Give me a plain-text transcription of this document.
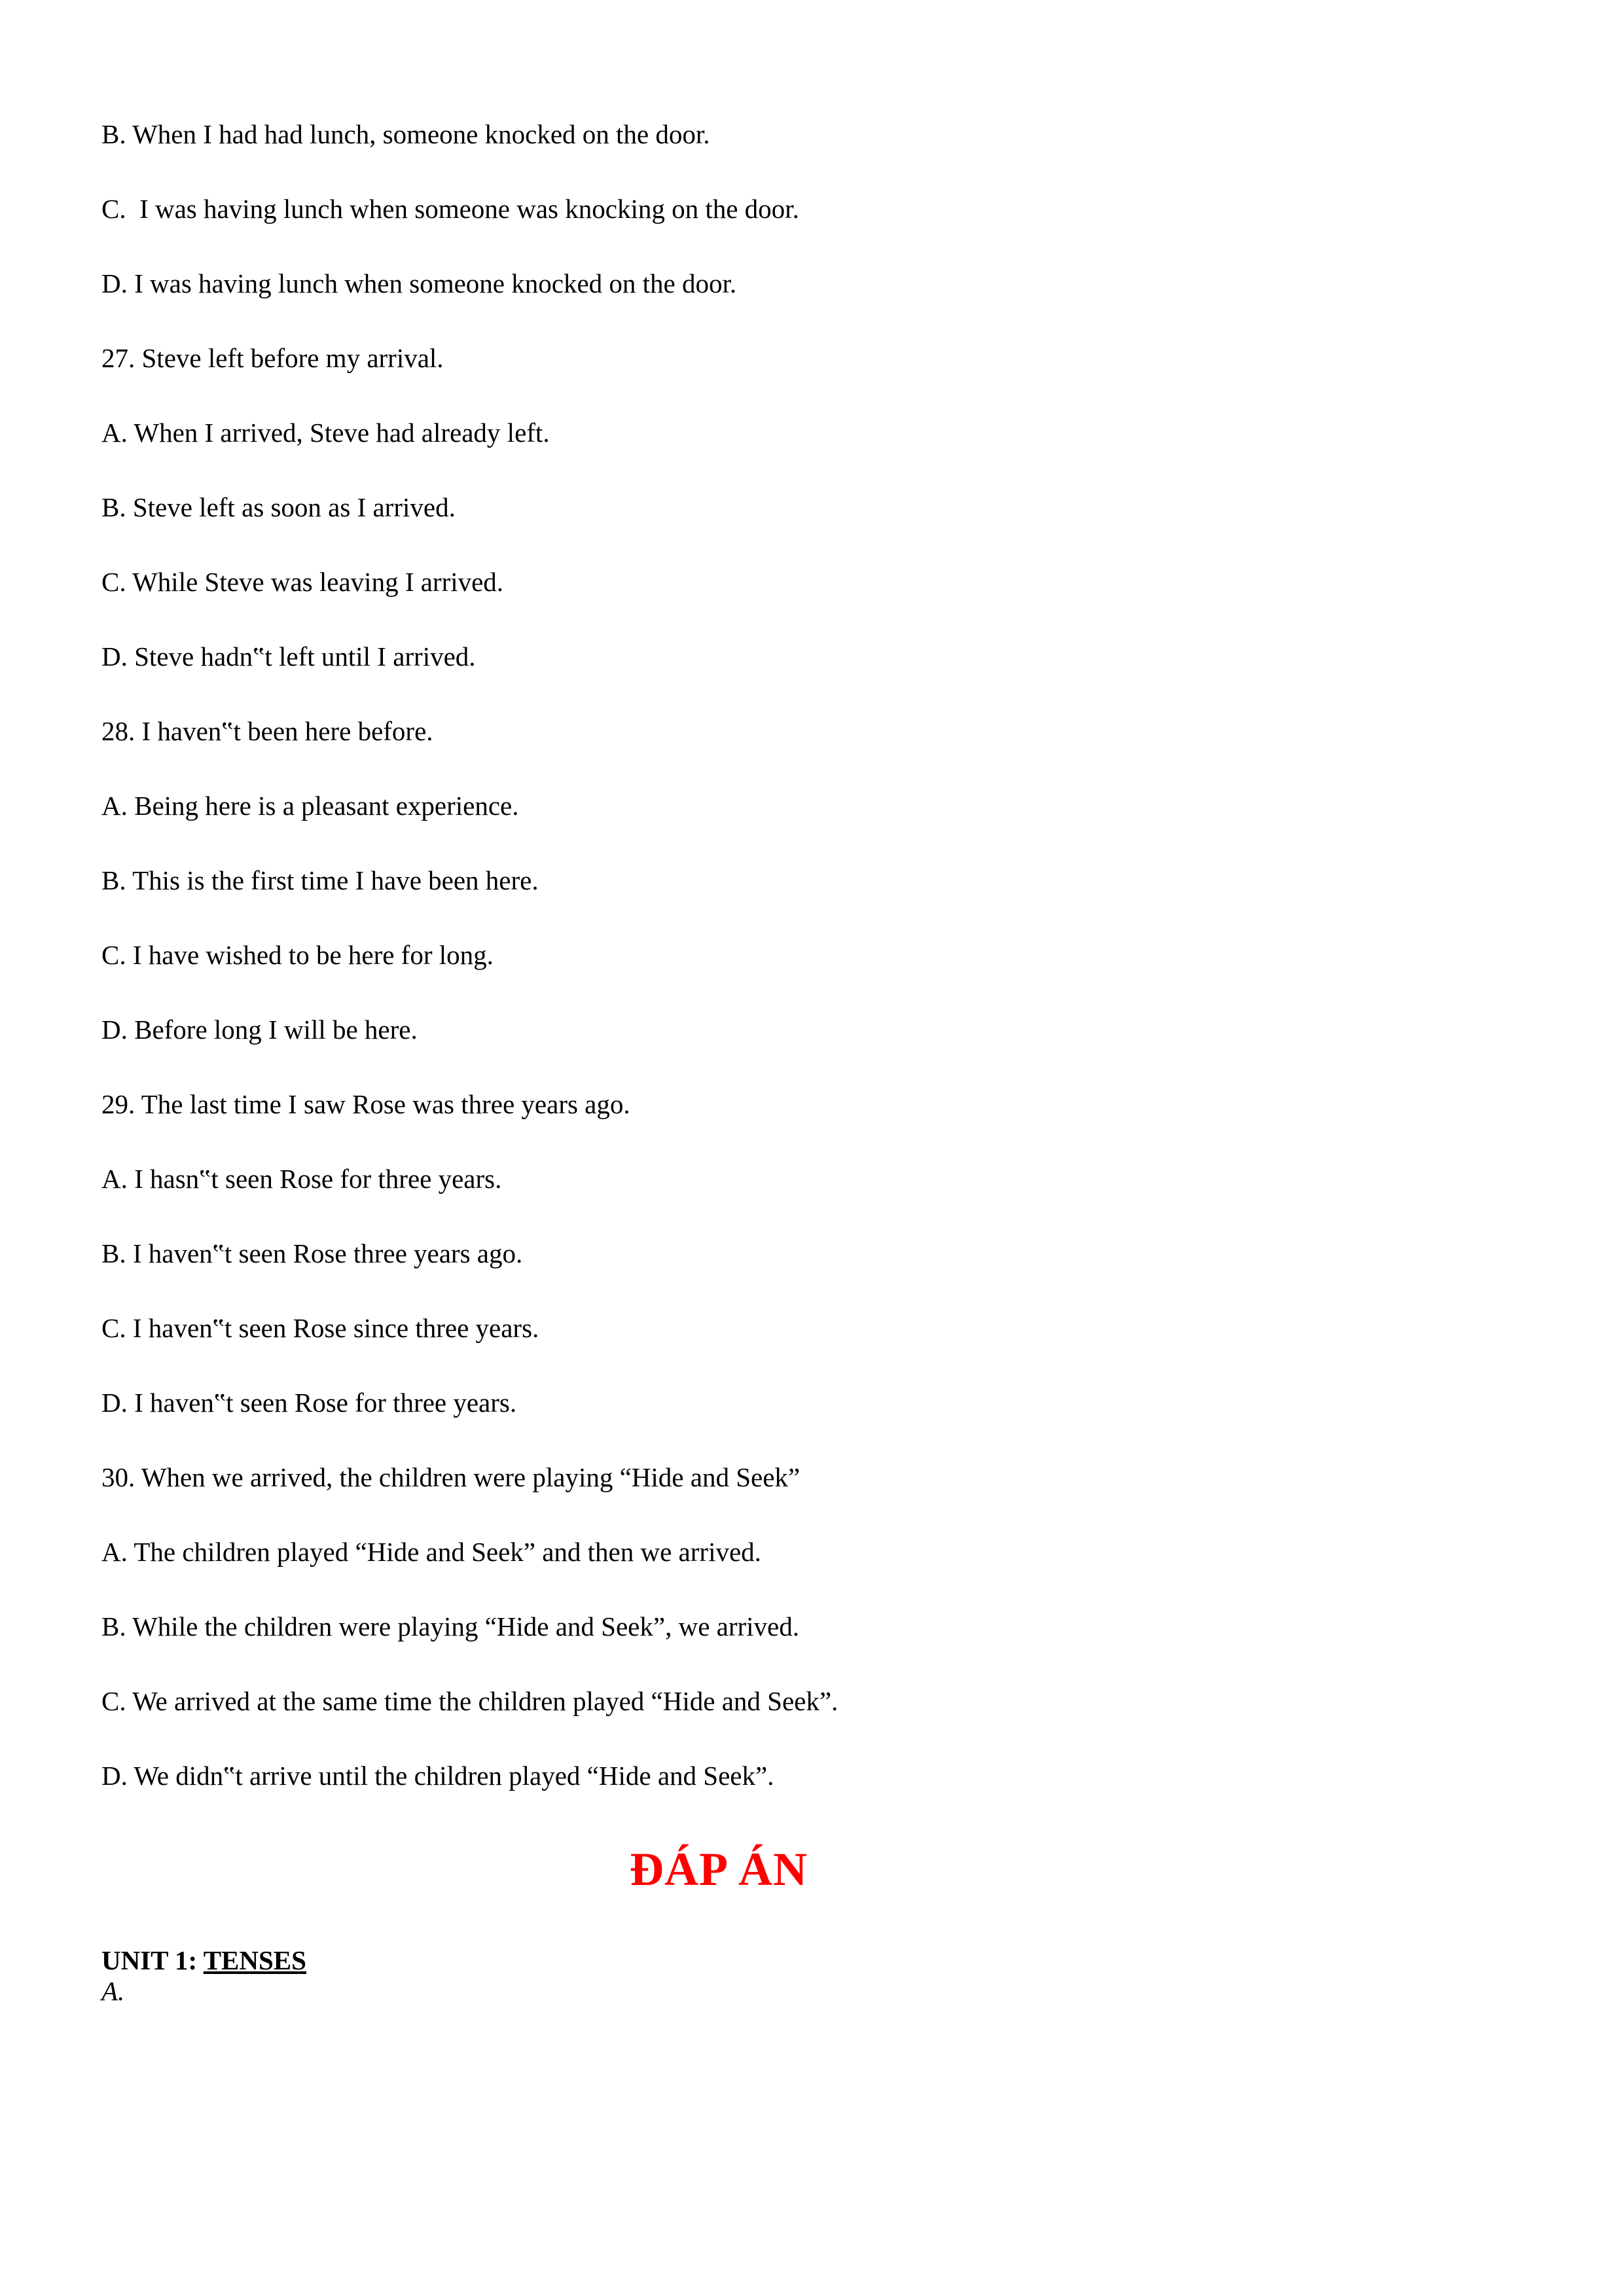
B. When I had had lunch, someone knocked on the door.

C.  I was having lunch when someone was knocking on the door.

D. I was having lunch when someone knocked on the door.

27. Steve left before my arrival.

A. When I arrived, Steve had already left.

B. Steve left as soon as I arrived.

C. While Steve was leaving I arrived.

D. Steve hadn‟t left until I arrived.

28. I haven‟t been here before.

A. Being here is a pleasant experience.

B. This is the first time I have been here.

C. I have wished to be here for long.

D. Before long I will be here.

29. The last time I saw Rose was three years ago.

A. I hasn‟t seen Rose for three years.

B. I haven‟t seen Rose three years ago.

C. I haven‟t seen Rose since three years.

D. I haven‟t seen Rose for three years.

30. When we arrived, the children were playing “Hide and Seek”

A. The children played “Hide and Seek” and then we arrived.

B. While the children were playing “Hide and Seek”, we arrived.

C. We arrived at the same time the children played “Hide and Seek”.

D. We didn‟t arrive until the children played “Hide and Seek”.

ĐÁP ÁN

UNIT 1: TENSES

A.
